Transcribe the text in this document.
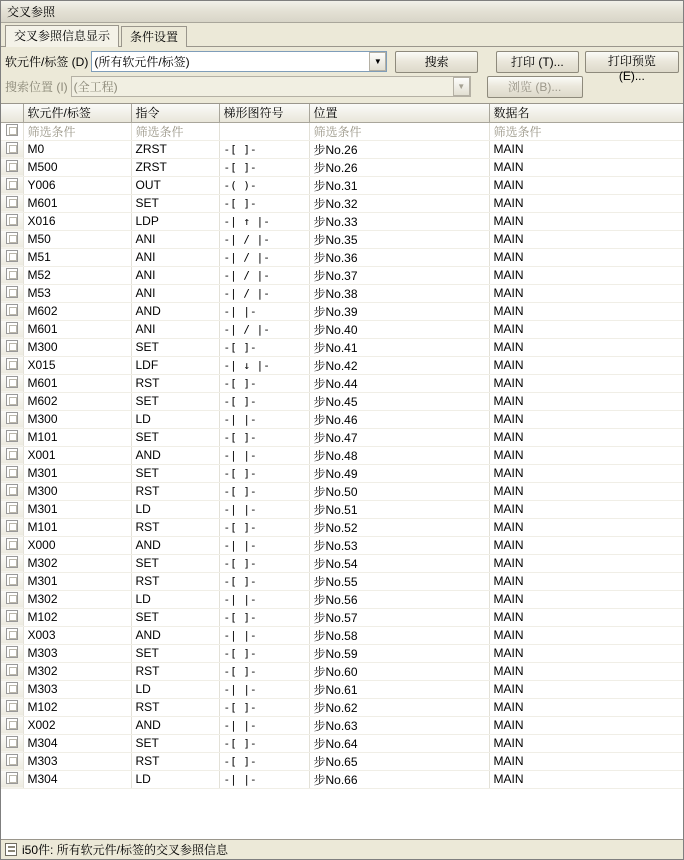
交叉参照
交叉参照信息显示	条件设置
软元件/标签 (D)
(所有软元件/标签)	▼	搜索	打印 (T)...	打印预览 (E)...
搜索位置 (I)
(全工程)	▼	浏览 (B)...
	软元件/标签	指令	梯形图符号	位置	数据名
	筛选条件	筛选条件		筛选条件	筛选条件
	M0	ZRST	-[ ]-	步No.26	MAIN
	M500	ZRST	-[ ]-	步No.26	MAIN
	Y006	OUT	-( )-	步No.31	MAIN
	M601	SET	-[ ]-	步No.32	MAIN
	X016	LDP	-| ↑ |-	步No.33	MAIN
	M50	ANI	-| / |-	步No.35	MAIN
	M51	ANI	-| / |-	步No.36	MAIN
	M52	ANI	-| / |-	步No.37	MAIN
	M53	ANI	-| / |-	步No.38	MAIN
	M602	AND	-| |-	步No.39	MAIN
	M601	ANI	-| / |-	步No.40	MAIN
	M300	SET	-[ ]-	步No.41	MAIN
	X015	LDF	-| ↓ |-	步No.42	MAIN
	M601	RST	-[ ]-	步No.44	MAIN
	M602	SET	-[ ]-	步No.45	MAIN
	M300	LD	-| |-	步No.46	MAIN
	M101	SET	-[ ]-	步No.47	MAIN
	X001	AND	-| |-	步No.48	MAIN
	M301	SET	-[ ]-	步No.49	MAIN
	M300	RST	-[ ]-	步No.50	MAIN
	M301	LD	-| |-	步No.51	MAIN
	M101	RST	-[ ]-	步No.52	MAIN
	X000	AND	-| |-	步No.53	MAIN
	M302	SET	-[ ]-	步No.54	MAIN
	M301	RST	-[ ]-	步No.55	MAIN
	M302	LD	-| |-	步No.56	MAIN
	M102	SET	-[ ]-	步No.57	MAIN
	X003	AND	-| |-	步No.58	MAIN
	M303	SET	-[ ]-	步No.59	MAIN
	M302	RST	-[ ]-	步No.60	MAIN
	M303	LD	-| |-	步No.61	MAIN
	M102	RST	-[ ]-	步No.62	MAIN
	X002	AND	-| |-	步No.63	MAIN
	M304	SET	-[ ]-	步No.64	MAIN
	M303	RST	-[ ]-	步No.65	MAIN
	M304	LD	-| |-	步No.66	MAIN
i50件: 所有软元件/标签的交叉参照信息
